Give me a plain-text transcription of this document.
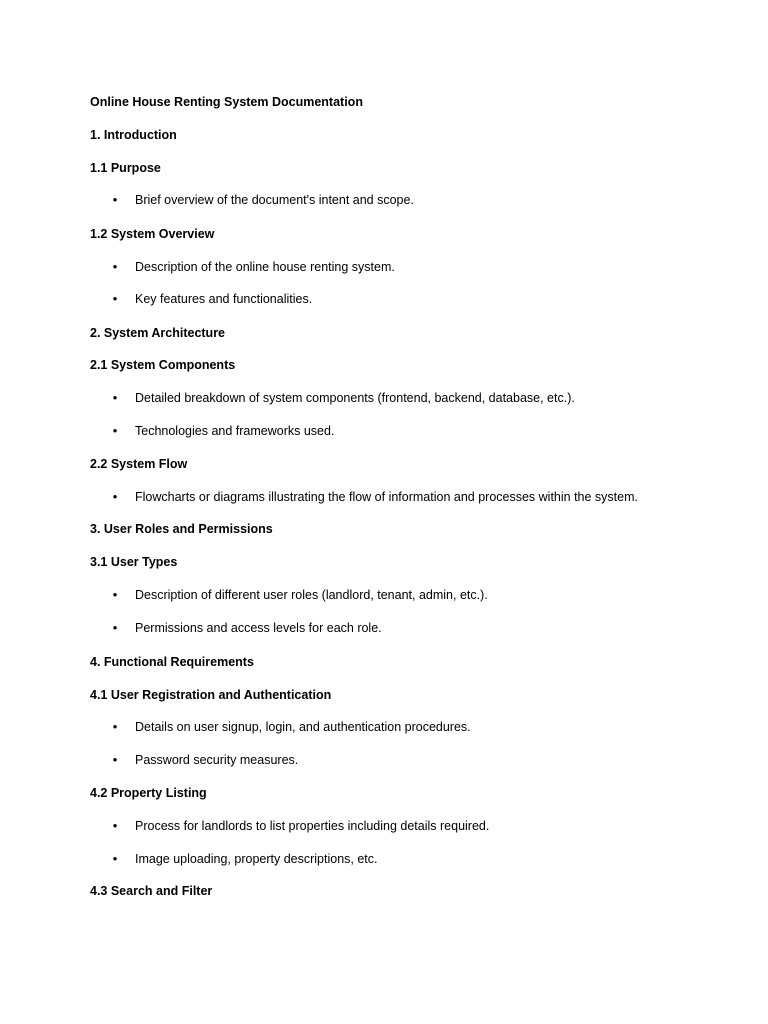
Online House Renting System Documentation
1. Introduction
1.1 Purpose
• Brief overview of the document's intent and scope.
1.2 System Overview
• Description of the online house renting system.
• Key features and functionalities.
2. System Architecture
2.1 System Components
• Detailed breakdown of system components (frontend, backend, database, etc.).
• Technologies and frameworks used.
2.2 System Flow
• Flowcharts or diagrams illustrating the flow of information and processes within the system.
3. User Roles and Permissions
3.1 User Types
• Description of different user roles (landlord, tenant, admin, etc.).
• Permissions and access levels for each role.
4. Functional Requirements
4.1 User Registration and Authentication
• Details on user signup, login, and authentication procedures.
• Password security measures.
4.2 Property Listing
• Process for landlords to list properties including details required.
• Image uploading, property descriptions, etc.
4.3 Search and Filter
